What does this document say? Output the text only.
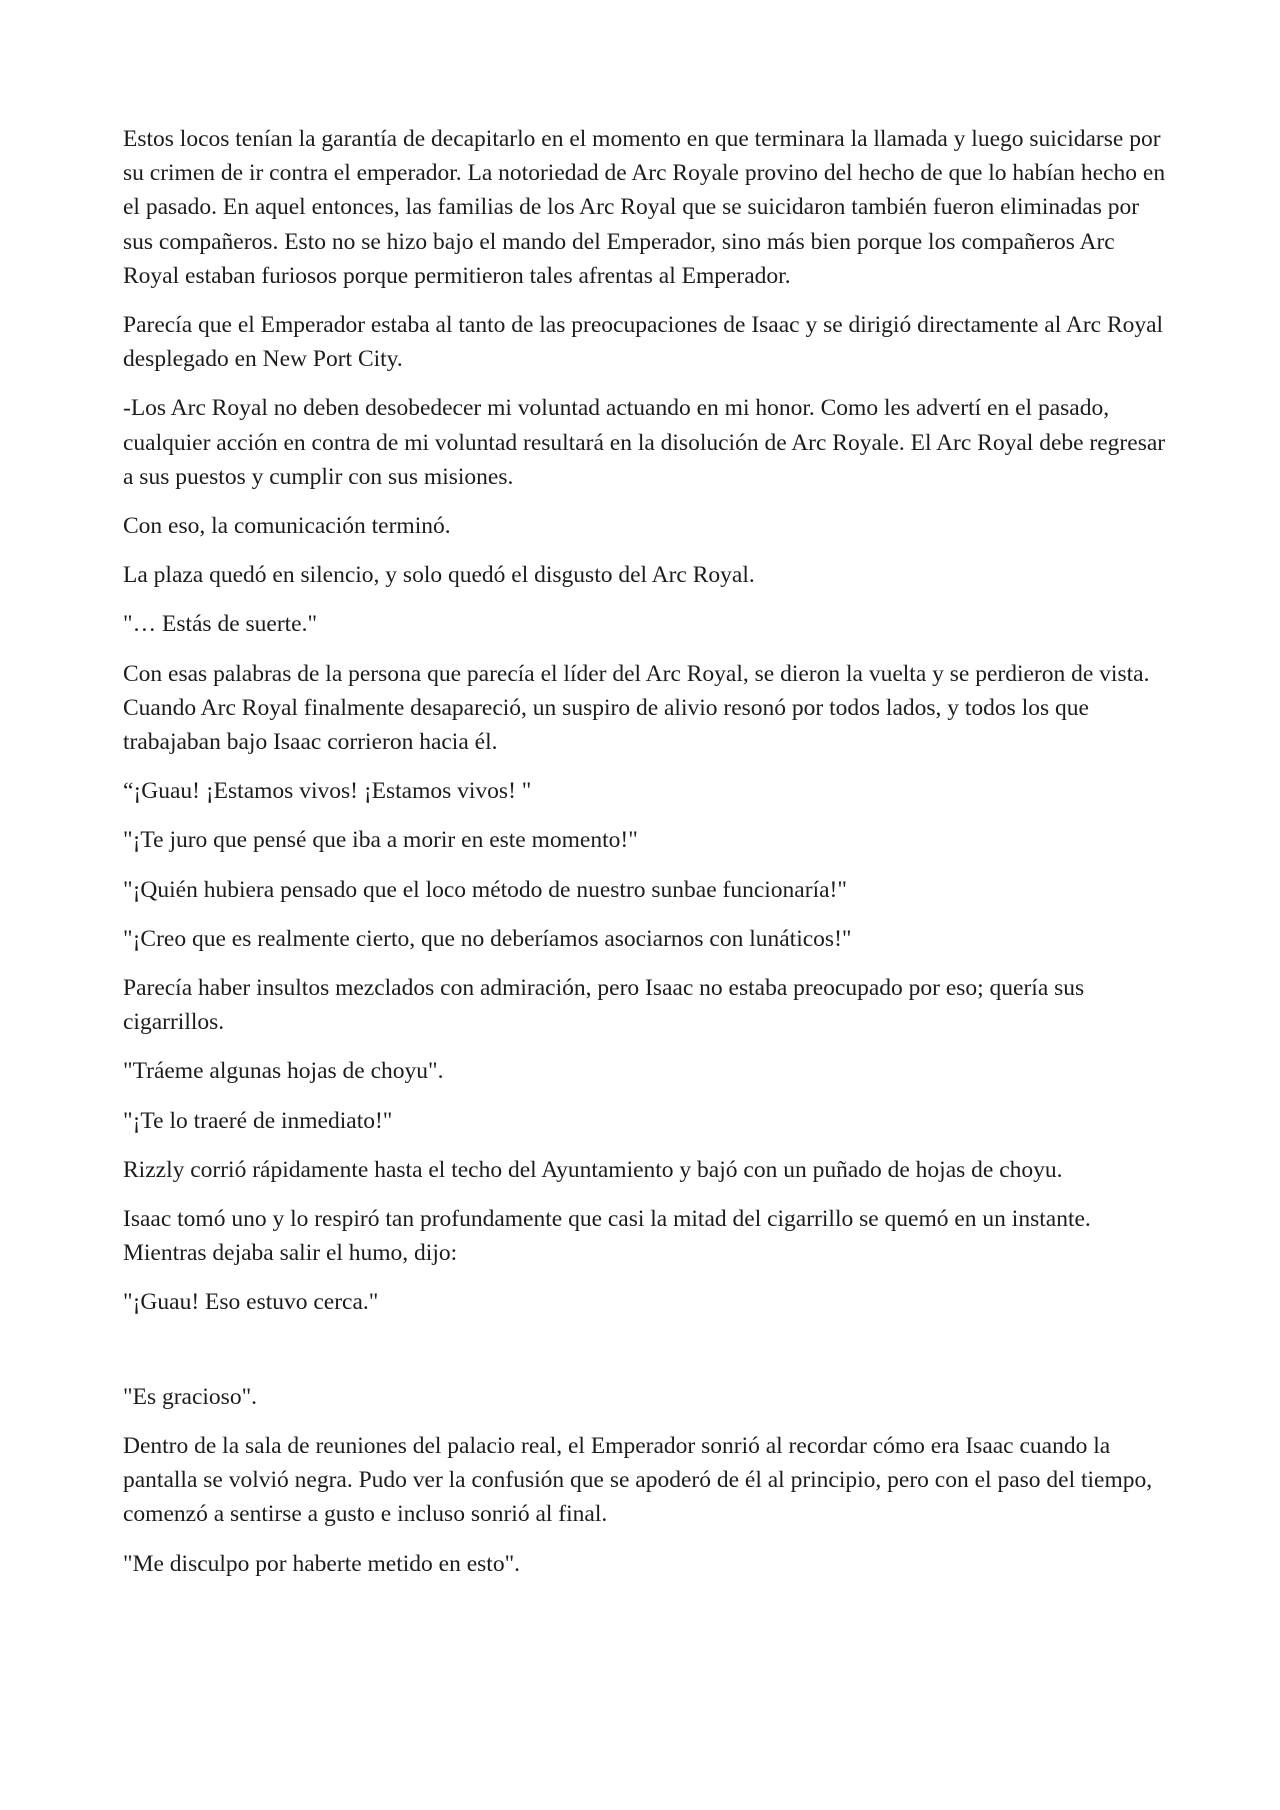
Estos locos tenían la garantía de decapitarlo en el momento en que terminara la llamada y luego suicidarse por su crimen de ir contra el emperador. La notoriedad de Arc Royale provino del hecho de que lo habían hecho en el pasado. En aquel entonces, las familias de los Arc Royal que se suicidaron también fueron eliminadas por sus compañeros. Esto no se hizo bajo el mando del Emperador, sino más bien porque los compañeros Arc Royal estaban furiosos porque permitieron tales afrentas al Emperador.

Parecía que el Emperador estaba al tanto de las preocupaciones de Isaac y se dirigió directamente al Arc Royal desplegado en New Port City.

-Los Arc Royal no deben desobedecer mi voluntad actuando en mi honor. Como les advertí en el pasado, cualquier acción en contra de mi voluntad resultará en la disolución de Arc Royale. El Arc Royal debe regresar a sus puestos y cumplir con sus misiones.

Con eso, la comunicación terminó.

La plaza quedó en silencio, y solo quedó el disgusto del Arc Royal.

"… Estás de suerte."

Con esas palabras de la persona que parecía el líder del Arc Royal, se dieron la vuelta y se perdieron de vista. Cuando Arc Royal finalmente desapareció, un suspiro de alivio resonó por todos lados, y todos los que trabajaban bajo Isaac corrieron hacia él.

“¡Guau! ¡Estamos vivos! ¡Estamos vivos! "

"¡Te juro que pensé que iba a morir en este momento!"

"¡Quién hubiera pensado que el loco método de nuestro sunbae funcionaría!"

"¡Creo que es realmente cierto, que no deberíamos asociarnos con lunáticos!"

Parecía haber insultos mezclados con admiración, pero Isaac no estaba preocupado por eso; quería sus cigarrillos.

"Tráeme algunas hojas de choyu".

"¡Te lo traeré de inmediato!"

Rizzly corrió rápidamente hasta el techo del Ayuntamiento y bajó con un puñado de hojas de choyu.

Isaac tomó uno y lo respiró tan profundamente que casi la mitad del cigarrillo se quemó en un instante. Mientras dejaba salir el humo, dijo:

"¡Guau! Eso estuvo cerca."

"Es gracioso".

Dentro de la sala de reuniones del palacio real, el Emperador sonrió al recordar cómo era Isaac cuando la pantalla se volvió negra. Pudo ver la confusión que se apoderó de él al principio, pero con el paso del tiempo, comenzó a sentirse a gusto e incluso sonrió al final.

"Me disculpo por haberte metido en esto".
